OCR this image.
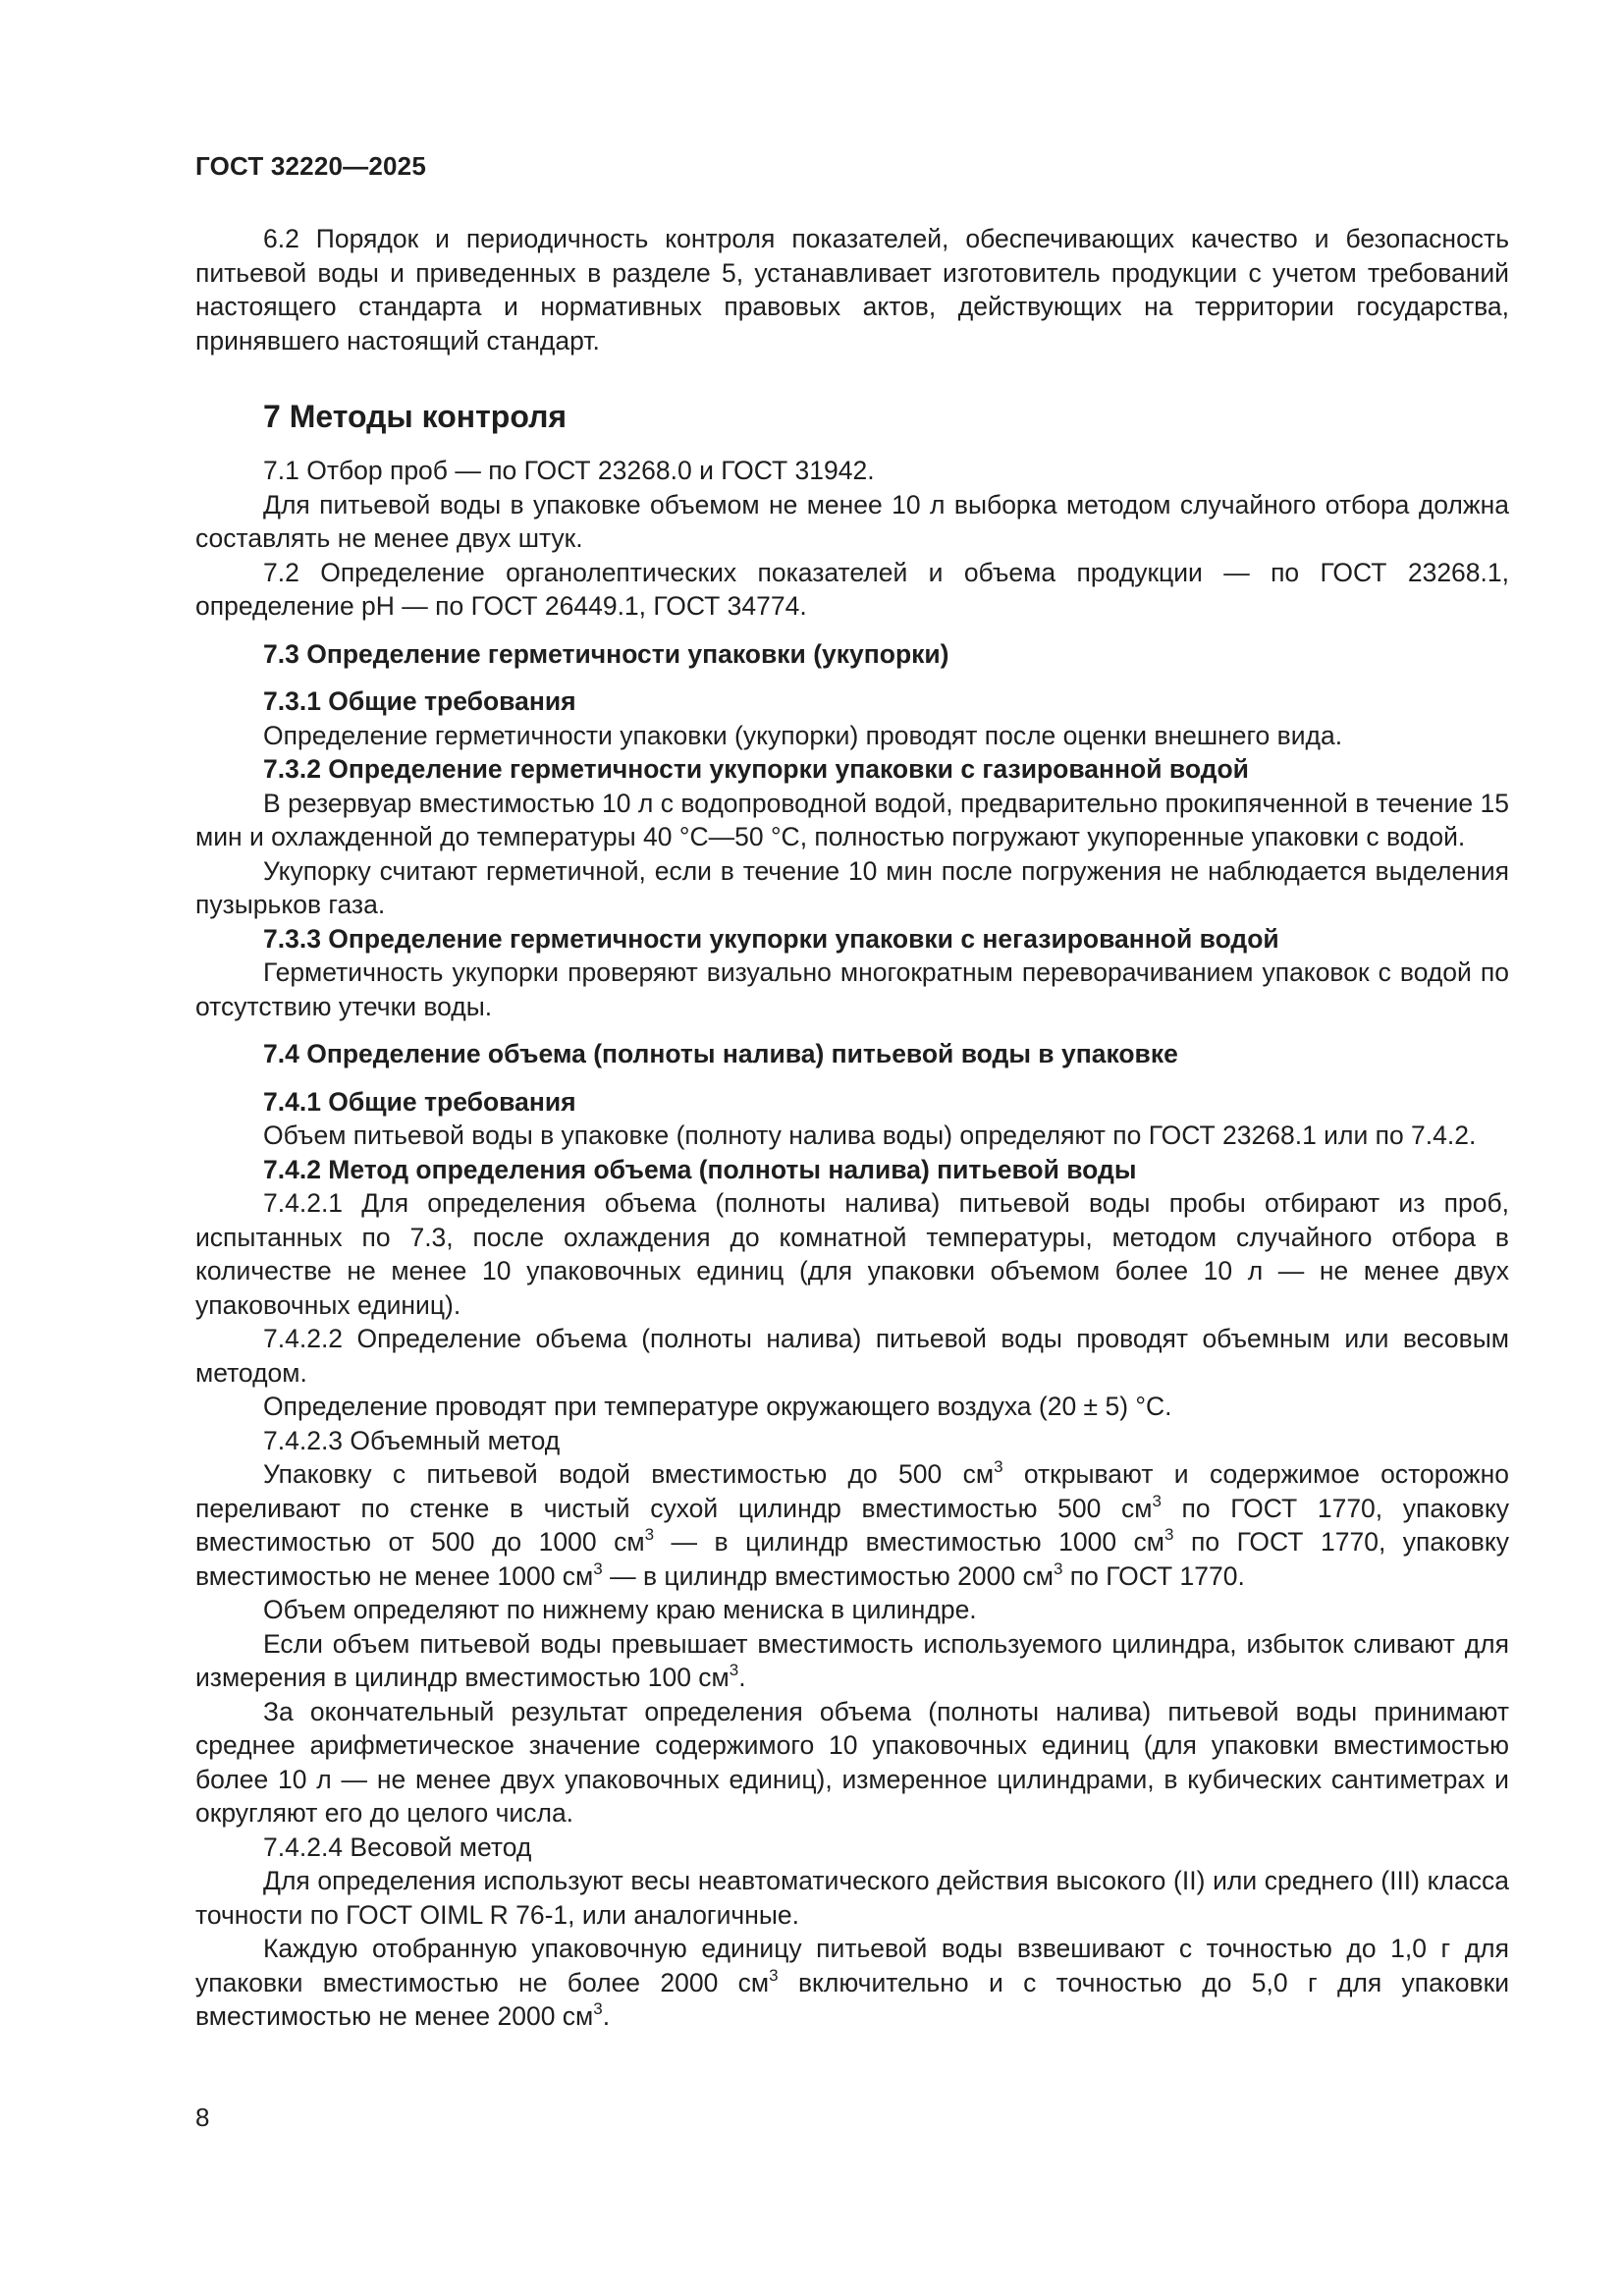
ГОСТ 32220—2025

6.2 Порядок и периодичность контроля показателей, обеспечивающих качество и безопасность питьевой воды и приведенных в разделе 5, устанавливает изготовитель продукции с учетом требований настоящего стандарта и нормативных правовых актов, действующих на территории государства, принявшего настоящий стандарт.

7 Методы контроля

7.1 Отбор проб — по ГОСТ 23268.0 и ГОСТ 31942.

Для питьевой воды в упаковке объемом не менее 10 л выборка методом случайного отбора должна составлять не менее двух штук.

7.2 Определение органолептических показателей и объема продукции — по ГОСТ 23268.1, определение pH — по ГОСТ 26449.1, ГОСТ 34774.

7.3 Определение герметичности упаковки (укупорки)
7.3.1 Общие требования

Определение герметичности упаковки (укупорки) проводят после оценки внешнего вида.

7.3.2 Определение герметичности укупорки упаковки с газированной водой

В резервуар вместимостью 10 л с водопроводной водой, предварительно прокипяченной в течение 15 мин и охлажденной до температуры 40 °С—50 °С, полностью погружают укупоренные упаковки с водой.

Укупорку считают герметичной, если в течение 10 мин после погружения не наблюдается выделения пузырьков газа.

7.3.3 Определение герметичности укупорки упаковки с негазированной водой

Герметичность укупорки проверяют визуально многократным переворачиванием упаковок с водой по отсутствию утечки воды.

7.4 Определение объема (полноты налива) питьевой воды в упаковке
7.4.1 Общие требования

Объем питьевой воды в упаковке (полноту налива воды) определяют по ГОСТ 23268.1 или по 7.4.2.

7.4.2 Метод определения объема (полноты налива) питьевой воды

7.4.2.1 Для определения объема (полноты налива) питьевой воды пробы отбирают из проб, испытанных по 7.3, после охлаждения до комнатной температуры, методом случайного отбора в количестве не менее 10 упаковочных единиц (для упаковки объемом более 10 л — не менее двух упаковочных единиц).

7.4.2.2 Определение объема (полноты налива) питьевой воды проводят объемным или весовым методом.

Определение проводят при температуре окружающего воздуха (20 ± 5) °С.

7.4.2.3 Объемный метод

Упаковку с питьевой водой вместимостью до 500 $см^3$ открывают и содержимое осторожно переливают по стенке в чистый сухой цилиндр вместимостью 500 $см^3$ по ГОСТ 1770, упаковку вместимостью от 500 до 1000 $см^3$ — в цилиндр вместимостью 1000 $см^3$ по ГОСТ 1770, упаковку вместимостью не менее 1000 $см^3$ — в цилиндр вместимостью 2000 $см^3$ по ГОСТ 1770.

Объем определяют по нижнему краю мениска в цилиндре.

Если объем питьевой воды превышает вместимость используемого цилиндра, избыток сливают для измерения в цилиндр вместимостью 100 $см^3$.

За окончательный результат определения объема (полноты налива) питьевой воды принимают среднее арифметическое значение содержимого 10 упаковочных единиц (для упаковки вместимостью более 10 л — не менее двух упаковочных единиц), измеренное цилиндрами, в кубических сантиметрах и округляют его до целого числа.

7.4.2.4 Весовой метод

Для определения используют весы неавтоматического действия высокого (II) или среднего (III) класса точности по ГОСТ OIML R 76-1, или аналогичные.

Каждую отобранную упаковочную единицу питьевой воды взвешивают с точностью до 1,0 г для упаковки вместимостью не более 2000 $см^3$ включительно и с точностью до 5,0 г для упаковки вместимостью не менее 2000 $см^3$.

8
